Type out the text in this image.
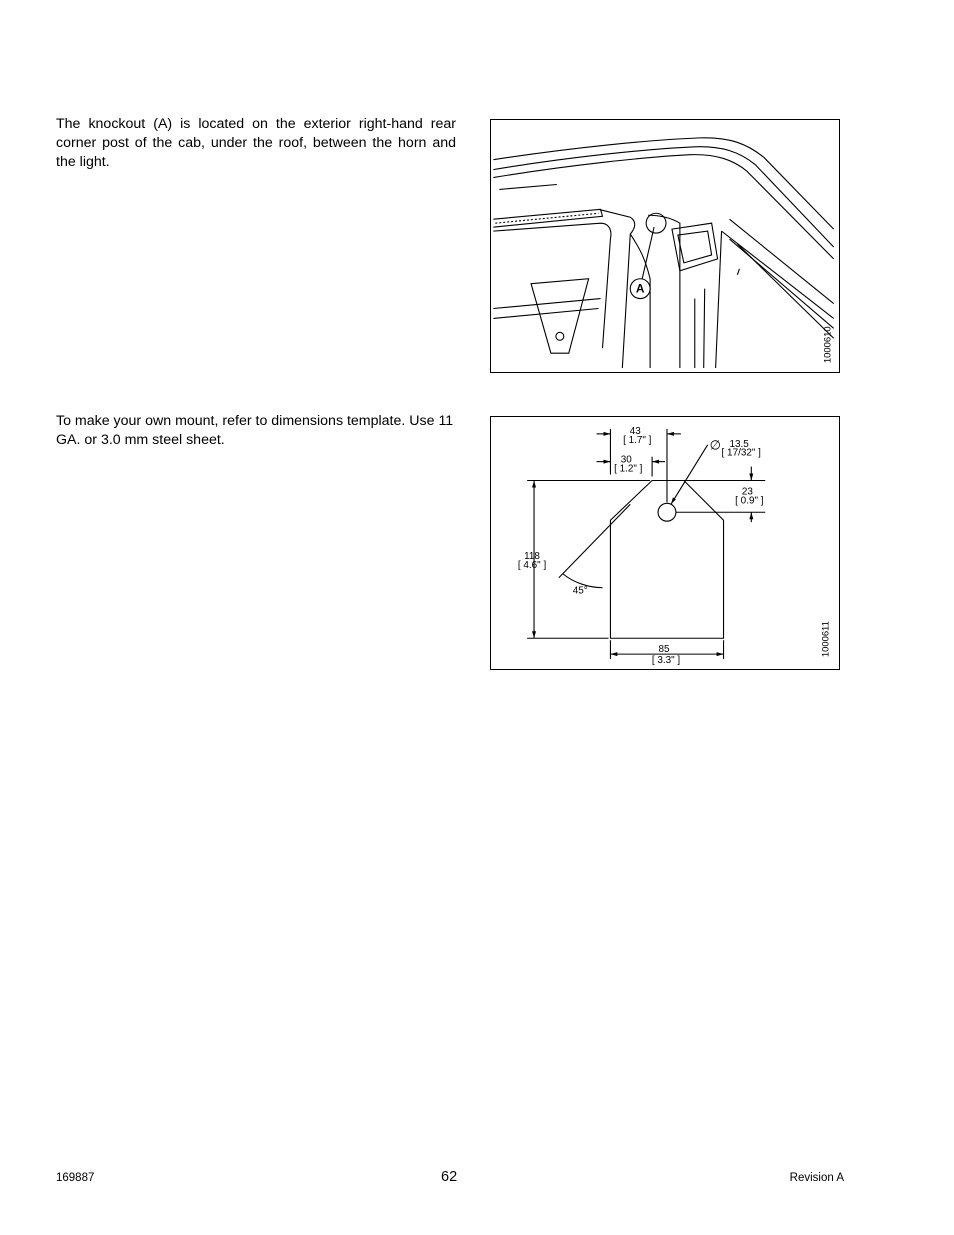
The knockout (A) is located on the exterior right-hand rear corner post of the cab, under the roof, between the horn and the light.

A
1000610

To make your own mount, refer to dimensions template. Use 11 GA. or 3.0 mm steel sheet.

43
[ 1.7" ]
30
[ 1.2" ]
∅ 13.5
[ 17/32" ]
23
[ 0.9" ]
118
[ 4.6" ]
45°
85
[ 3.3" ]
1000611
169887	62	Revision A
